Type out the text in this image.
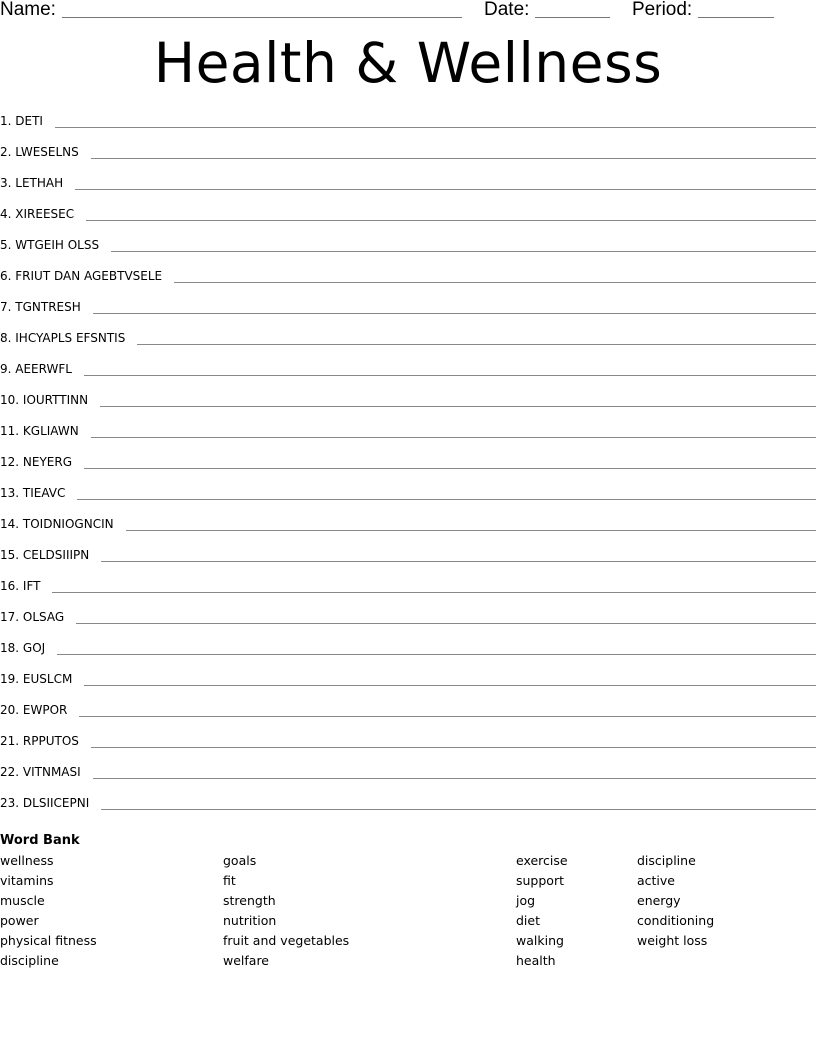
Name:	Date:	Period:
Health & Wellness
1. DETI
2. LWESELNS
3. LETHAH
4. XIREESEC
5. WTGEIH OLSS
6. FRIUT DAN AGEBTVSELE
7. TGNTRESH
8. IHCYAPLS EFSNTIS
9. AEERWFL
10. IOURTTINN
11. KGLIAWN
12. NEYERG
13. TIEAVC
14. TOIDNIOGNCIN
15. CELDSIIIPN
16. IFT
17. OLSAG
18. GOJ
19. EUSLCM
20. EWPOR
21. RPPUTOS
22. VITNMASI
23. DLSIICEPNI
Word Bank
wellness
vitamins
muscle
power
physical fitness
discipline
goals
fit
strength
nutrition
fruit and vegetables
welfare
exercise
support
jog
diet
walking
health
discipline
active
energy
conditioning
weight loss
